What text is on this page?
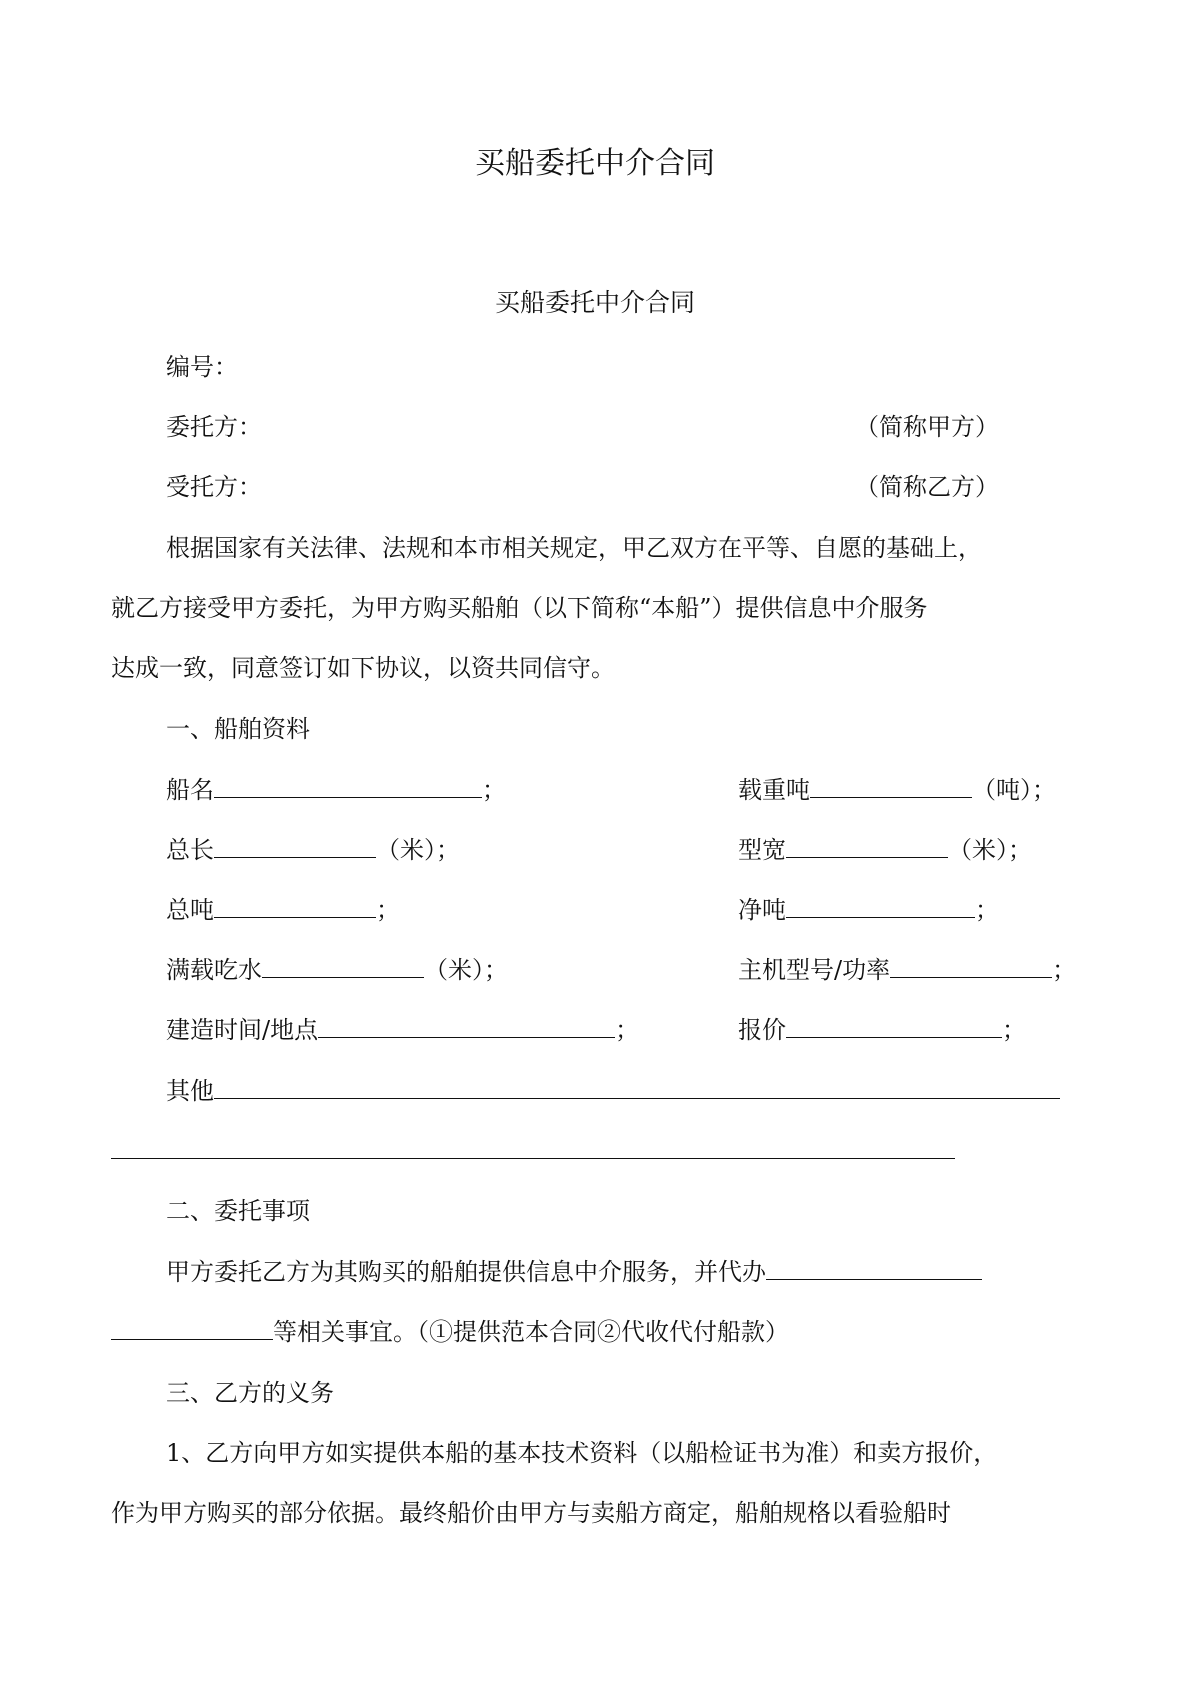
买船委托中介合同
买船委托中介合同
编号：
委托方：	（简称甲方）
受托方：	（简称乙方）
根据国家有关法律、法规和本市相关规定，甲乙双方在平等、自愿的基础上，
就乙方接受甲方委托，为甲方购买船舶（以下简称“本船”）提供信息中介服务
达成一致，同意签订如下协议，以资共同信守。
一、船舶资料
船名	；	载重吨	（吨）；
总长	（米）；	型宽	（米）；
总吨	；	净吨	；
满载吃水	（米）；	主机型号/功率	；
建造时间/地点	；	报价	；
其他
二、委托事项
甲方委托乙方为其购买的船舶提供信息中介服务，并代办
等相关事宜。（①提供范本合同②代收代付船款）
三、乙方的义务
1、乙方向甲方如实提供本船的基本技术资料（以船检证书为准）和卖方报价，
作为甲方购买的部分依据。最终船价由甲方与卖船方商定，船舶规格以看验船时
